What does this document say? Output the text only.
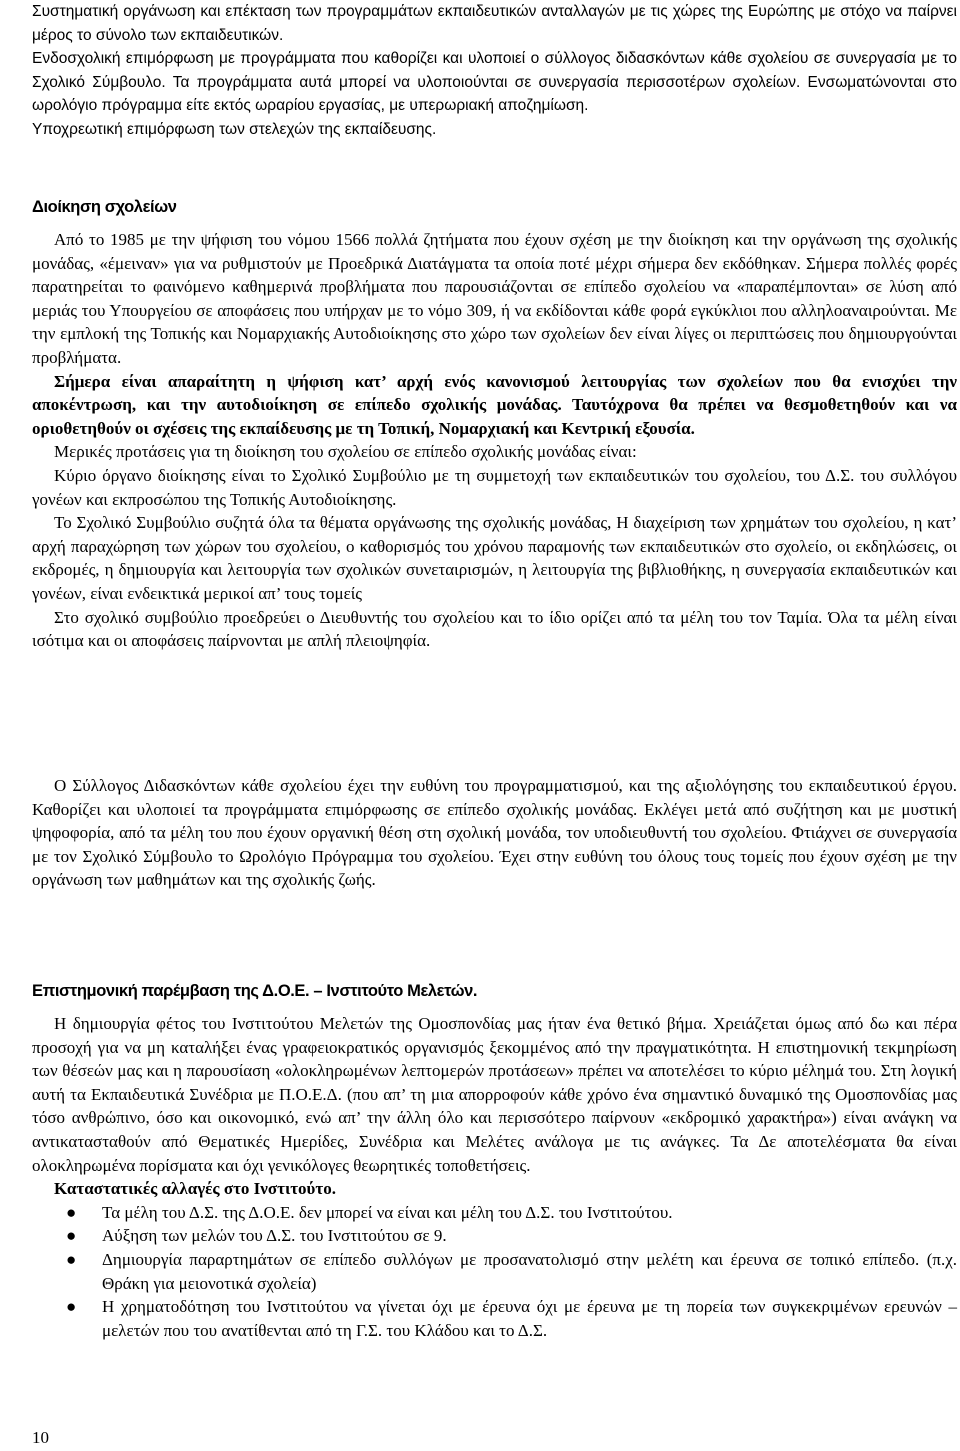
Συστηματική οργάνωση και επέκταση των προγραμμάτων εκπαιδευτικών ανταλλαγών με τις χώρες της Ευρώπης με στόχο να παίρνει μέρος το σύνολο των εκπαιδευτικών.

Ενδοσχολική επιμόρφωση με προγράμματα που καθορίζει και υλοποιεί ο σύλλογος διδασκόντων κάθε σχολείου σε συνεργασία με το Σχολικό Σύμβουλο. Τα προγράμματα αυτά μπορεί να υλοποιούνται σε συνεργασία περισσοτέρων σχολείων. Ενσωματώνονται στο ωρολόγιο πρόγραμμα είτε εκτός ωραρίου εργασίας, με υπερωριακή αποζημίωση.

Υποχρεωτική επιμόρφωση των στελεχών της εκπαίδευσης.

Διοίκηση σχολείων

Από το 1985 με την ψήφιση του νόμου 1566 πολλά ζητήματα που έχουν σχέση με την διοίκηση και την οργάνωση της σχολικής μονάδας, «έμειναν» για να ρυθμιστούν με Προεδρικά Διατάγματα τα οποία ποτέ μέχρι σήμερα δεν εκδόθηκαν. Σήμερα πολλές φορές παρατηρείται το φαινόμενο καθημερινά προβλήματα που παρουσιάζονται σε επίπεδο σχολείου να «παραπέμπονται» σε λύση από μεριάς του Υπουργείου σε αποφάσεις που υπήρχαν με το νόμο 309, ή να εκδίδονται κάθε φορά εγκύκλιοι που αλληλοαναιρούνται. Με την εμπλοκή της Τοπικής και Νομαρχιακής Αυτοδιοίκησης στο χώρο των σχολείων δεν είναι λίγες οι περιπτώσεις που δημιουργούνται προβλήματα.

Σήμερα είναι απαραίτητη η ψήφιση κατ’ αρχή ενός κανονισμού λειτουργίας των σχολείων που θα ενισχύει την αποκέντρωση, και την αυτοδιοίκηση σε επίπεδο σχολικής μονάδας. Ταυτόχρονα θα πρέπει να θεσμοθετηθούν και να οριοθετηθούν οι σχέσεις της εκπαίδευσης με τη Τοπική, Νομαρχιακή και Κεντρική εξουσία.

Μερικές προτάσεις για τη διοίκηση του σχολείου σε επίπεδο σχολικής μονάδας είναι:

Κύριο όργανο διοίκησης είναι το Σχολικό Συμβούλιο με τη συμμετοχή των εκπαιδευτικών του σχολείου, του Δ.Σ. του συλλόγου γονέων και εκπροσώπου της Τοπικής Αυτοδιοίκησης.

Το Σχολικό Συμβούλιο συζητά όλα τα θέματα οργάνωσης της σχολικής μονάδας, Η διαχείριση των χρημάτων του σχολείου, η κατ’ αρχή παραχώρηση των χώρων του σχολείου, ο καθορισμός του χρόνου παραμονής των εκπαιδευτικών στο σχολείο, οι εκδηλώσεις, οι εκδρομές, η δημιουργία και λειτουργία των σχολικών συνεταιρισμών, η λειτουργία της βιβλιοθήκης, η συνεργασία εκπαιδευτικών και γονέων, είναι ενδεικτικά μερικοί απ’ τους τομείς

Στο σχολικό συμβούλιο προεδρεύει ο Διευθυντής του σχολείου και το ίδιο ορίζει από τα μέλη του τον Ταμία. Όλα τα μέλη είναι ισότιμα και οι αποφάσεις παίρνονται με απλή πλειοψηφία.

Ο Σύλλογος Διδασκόντων κάθε σχολείου έχει την ευθύνη του προγραμματισμού, και της αξιολόγησης του εκπαιδευτικού έργου. Καθορίζει και υλοποιεί τα προγράμματα επιμόρφωσης σε επίπεδο σχολικής μονάδας. Εκλέγει μετά από συζήτηση και με μυστική ψηφοφορία, από τα μέλη του που έχουν οργανική θέση στη σχολική μονάδα, τον υποδιευθυντή του σχολείου. Φτιάχνει σε συνεργασία με τον Σχολικό Σύμβουλο το Ωρολόγιο Πρόγραμμα του σχολείου. Έχει στην ευθύνη του όλους τους τομείς που έχουν σχέση με την οργάνωση των μαθημάτων και της σχολικής ζωής.

Επιστημονική παρέμβαση της Δ.Ο.Ε. – Ινστιτούτο Μελετών.

Η δημιουργία φέτος του Ινστιτούτου Μελετών της Ομοσπονδίας μας ήταν ένα θετικό βήμα. Χρειάζεται όμως από δω και πέρα προσοχή για να μη καταλήξει ένας γραφειοκρατικός οργανισμός ξεκομμένος από την πραγματικότητα. Η επιστημονική τεκμηρίωση των θέσεών μας και η παρουσίαση «ολοκληρωμένων λεπτομερών προτάσεων» πρέπει να αποτελέσει το κύριο μέλημά του. Στη λογική αυτή τα Εκπαιδευτικά Συνέδρια με Π.Ο.Ε.Δ. (που απ’ τη μια απορροφούν κάθε χρόνο ένα σημαντικό δυναμικό της Ομοσπονδίας μας τόσο ανθρώπινο, όσο και οικονομικό, ενώ απ’ την άλλη όλο και περισσότερο παίρνουν «εκδρομικό χαρακτήρα») είναι ανάγκη να αντικατασταθούν από Θεματικές Ημερίδες, Συνέδρια και Μελέτες ανάλογα με τις ανάγκες. Τα Δε αποτελέσματα θα είναι ολοκληρωμένα πορίσματα και όχι γενικόλογες θεωρητικές τοποθετήσεις.

Καταστατικές αλλαγές στο Ινστιτούτο.

● Τα μέλη του Δ.Σ. της Δ.Ο.Ε. δεν μπορεί να είναι και μέλη του Δ.Σ. του Ινστιτούτου.
● Αύξηση των μελών του Δ.Σ. του Ινστιτούτου σε 9.
● Δημιουργία παραρτημάτων σε επίπεδο συλλόγων με προσανατολισμό στην μελέτη και έρευνα σε τοπικό επίπεδο. (π.χ. Θράκη για μειονοτικά σχολεία)
● Η χρηματοδότηση του Ινστιτούτου να γίνεται όχι με έρευνα όχι με έρευνα με τη πορεία των συγκεκριμένων ερευνών – μελετών που του ανατίθενται από τη Γ.Σ. του Κλάδου και το Δ.Σ.
10
